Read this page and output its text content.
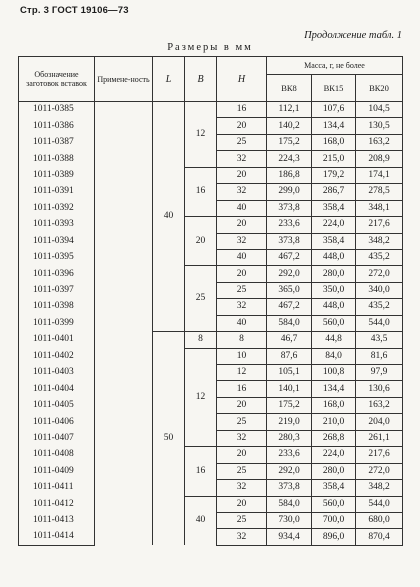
Стр. 3 ГОСТ 19106—73
Продолжение табл. 1
Размеры в мм
Обозначение заготовок вставок	Примене-ность	L	B	H	Масса, г, не более		
					ВК8	ВК15	ВК20
1011-0385		40	12	16	112,1	107,6	104,5
1011-0386				20	140,2	134,4	130,5
1011-0387				25	175,2	168,0	163,2
1011-0388				32	224,3	215,0	208,9
1011-0389			16	20	186,8	179,2	174,1
1011-0391				32	299,0	286,7	278,5
1011-0392				40	373,8	358,4	348,1
1011-0393			20	20	233,6	224,0	217,6
1011-0394				32	373,8	358,4	348,2
1011-0395				40	467,2	448,0	435,2
1011-0396			25	20	292,0	280,0	272,0
1011-0397				25	365,0	350,0	340,0
1011-0398				32	467,2	448,0	435,2
1011-0399				40	584,0	560,0	544,0
1011-0401		50	8	8	46,7	44,8	43,5
1011-0402			12	10	87,6	84,0	81,6
1011-0403				12	105,1	100,8	97,9
1011-0404				16	140,1	134,4	130,6
1011-0405				20	175,2	168,0	163,2
1011-0406				25	219,0	210,0	204,0
1011-0407				32	280,3	268,8	261,1
1011-0408			16	20	233,6	224,0	217,6
1011-0409				25	292,0	280,0	272,0
1011-0411				32	373,8	358,4	348,2
1011-0412			40	20	584,0	560,0	544,0
1011-0413				25	730,0	700,0	680,0
1011-0414				32	934,4	896,0	870,4
